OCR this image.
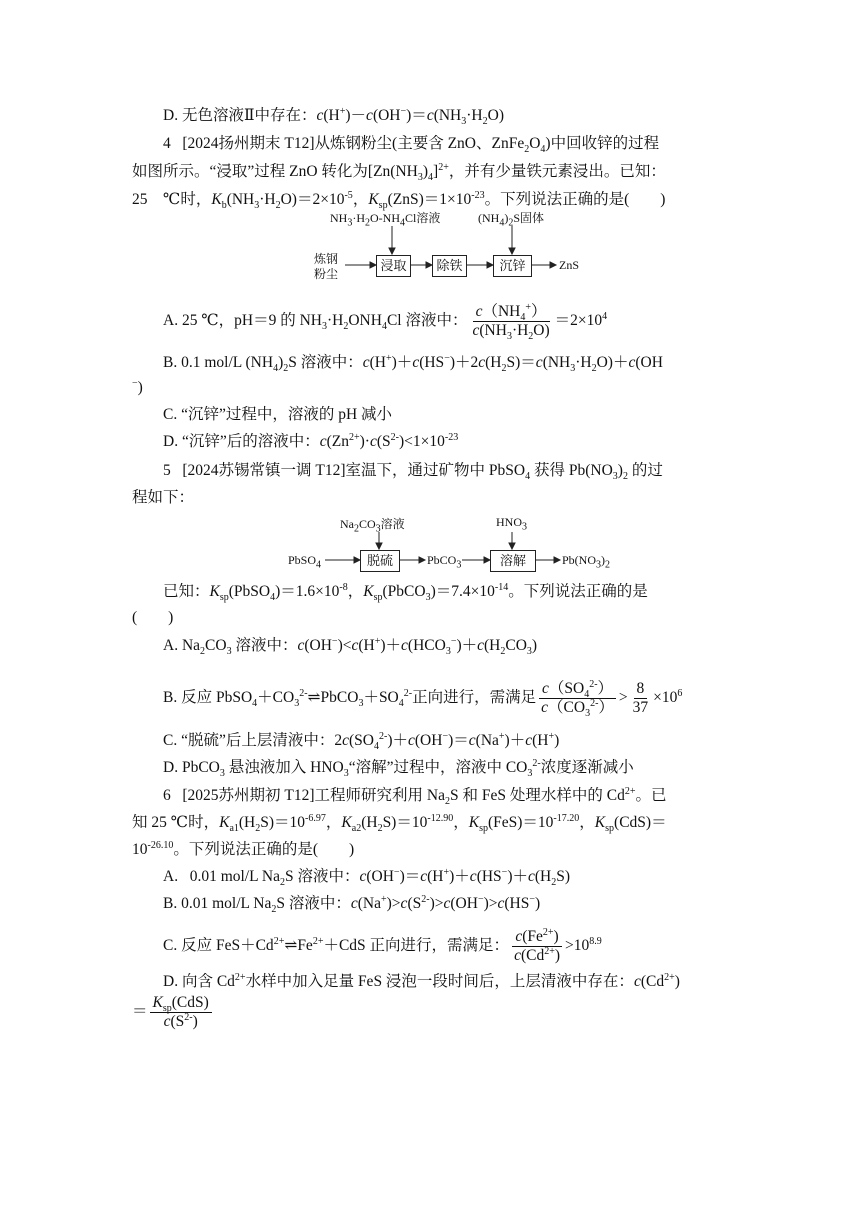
D. 无色溶液Ⅱ中存在：$c(H^+)-c(OH^-)=c(NH_3\cdot H_2O)$
4 [2024扬州期末 T12]从炼钢粉尘(主要含 ZnO、$ZnFe_2O_4$)中回收锌的过程
如图所示。“浸取”过程 ZnO 转化为$[Zn(NH_3)_4]^{2+}$，并有少量铁元素浸出。已知：
25    ℃时，$K_b(NH_3\cdot H_2O)=2\times 10^{-5}$，$K_{sp}(ZnS)=1\times 10^{-23}$。下列说法正确的是(　　)
$NH_3\cdot H_2O-NH_4Cl$溶液	$(NH_4)_2S$固体
炼钢
粉尘
浸取	除铁	沉锌	ZnS
A. 25 ℃，pH＝9 的 $NH_3\cdot H_2ONH_4Cl$ 溶液中： $\frac{c(NH_4^+)}{c(NH_3\cdot H_2O)} =2\times 10^4$
B. 0.1 mol/L $(NH_4)_2S$ 溶液中：$c(H^+)+c(HS^-)+2c(H_2S)=c(NH_3\cdot H_2O)+c(OH$
−)
C. “沉锌”过程中，溶液的 pH 减小
D. “沉锌”后的溶液中：$c(Zn^{2+})\cdot c(S^{2-})<1\times 10^{-23}$
5 [2024苏锡常镇一调 T12]室温下，通过矿物中 PbSO$_4$ 获得 $Pb(NO_3)_2$ 的过
程如下：
$Na_2CO_3$溶液	$HNO_3$
PbSO$_4$	脱硫	PbCO$_3$	溶解	$Pb(NO_3)_2$
已知：$K_{sp}(PbSO_4)=1.6\times 10^{-8}$，$K_{sp}(PbCO_3)=7.4\times 10^{-14}$。下列说法正确的是
(　　)
A. $Na_2CO_3$ 溶液中：$c(OH^-)<c(H^+)+c(HCO_3^-)+c(H_2CO_3)$
B. 反应 $PbSO_4+CO_3^{2-}\rightleftharpoons PbCO_3+SO_4^{2-}$正向进行，需满足 $\frac{c(SO_4^{2-})}{c(CO_3^{2-})} > \frac{8}{37} \times 10^6$
C. “脱硫”后上层清液中：$2c(SO_4^{2-})+c(OH^-)=c(Na^+)+c(H^+)$
D. PbCO$_3$ 悬浊液加入 $HNO_3“$溶解”过程中，溶液中 $CO_3^{2-}$浓度逐渐减小
6 [2025苏州期初 T12]工程师研究利用 $Na_2S$ 和 FeS 处理水样中的 $Cd^{2+}$。已
知 25 ℃时，$K_{a1}(H_2S)=10^{-6.97}$，$K_{a2}(H_2S)=10^{-12.90}$，$K_{sp}(FeS)=10^{-17.20}$，$K_{sp}(CdS)=$
$10^{-26.10}$。下列说法正确的是(　　)
A.   0.01 mol/L $Na_2S$ 溶液中：$c(OH^-)=c(H^+)+c(HS^-)+c(H_2S)$
B. 0.01 mol/L $Na_2S$ 溶液中：$c(Na^+)>c(S^{2-})>c(OH^-)>c(HS^-)$
C. 反应 $FeS+Cd^{2+}\rightleftharpoons Fe^{2+}+CdS$ 正向进行，需满足： $\frac{c(Fe^{2+})}{c(Cd^{2+})} >10^{8.9}$
D. 向含 $Cd^{2+}$水样中加入足量 FeS 浸泡一段时间后，上层清液中存在：$c(Cd^{2+})$
＝ $\frac{K_{sp}(CdS)}{c(S^{2-})}$
